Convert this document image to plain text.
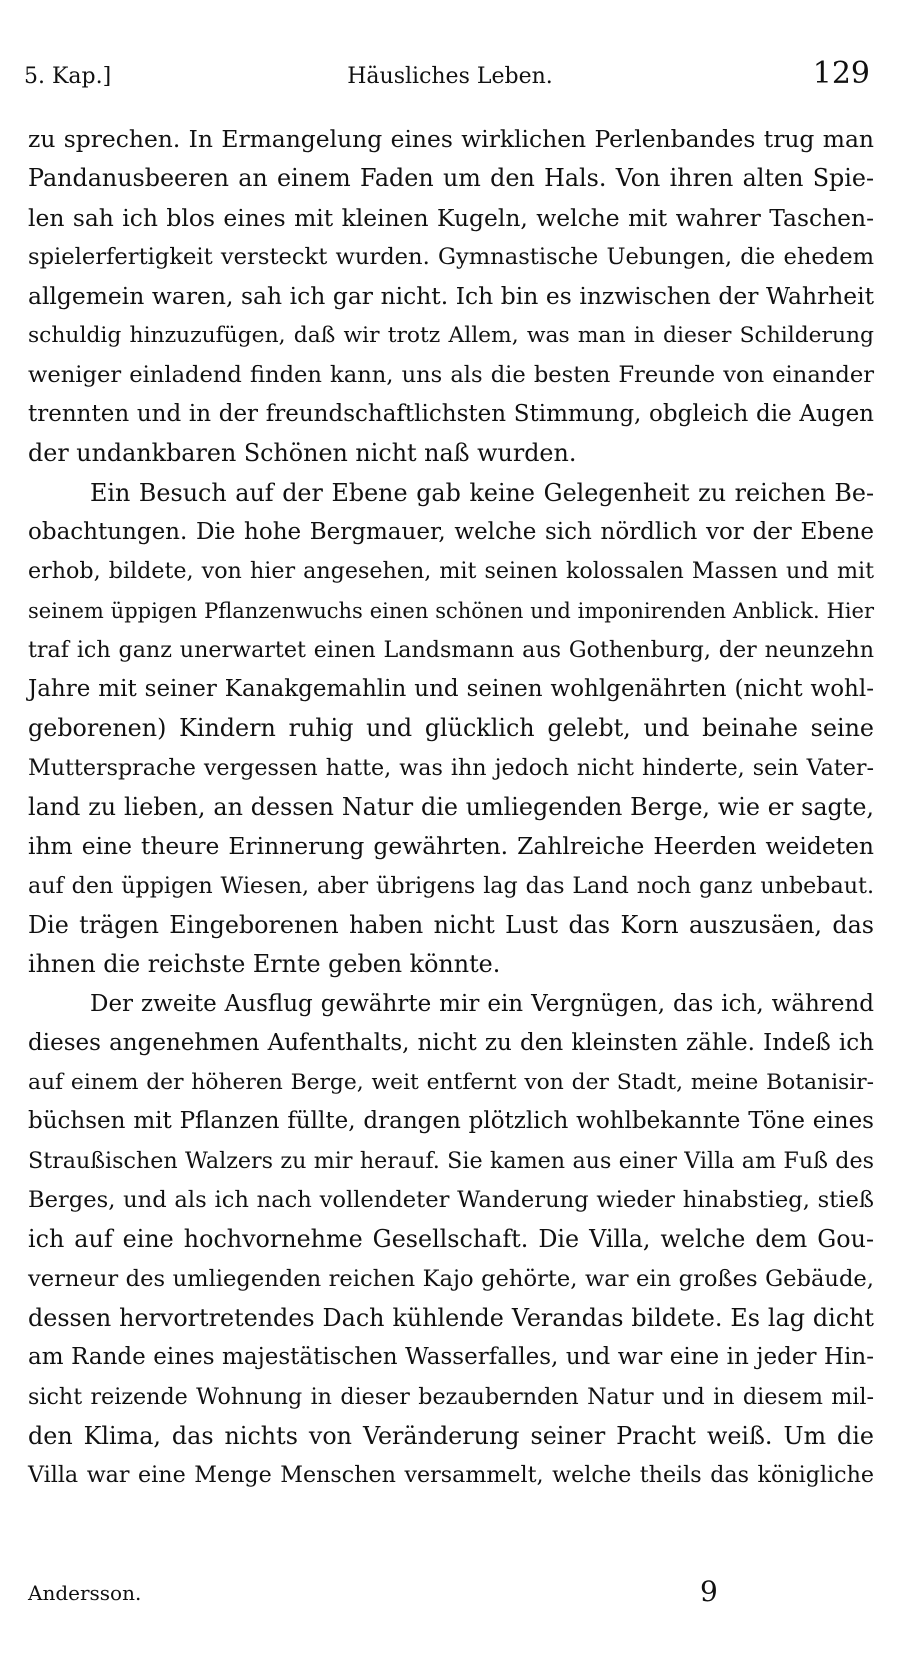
5. Kap.]	Häusliches Leben.	129
zu sprechen. In Ermangelung eines wirklichen Perlenbandes trug man
Pandanusbeeren an einem Faden um den Hals. Von ihren alten Spie-
len sah ich blos eines mit kleinen Kugeln, welche mit wahrer Taschen-
spielerfertigkeit versteckt wurden. Gymnastische Uebungen, die ehedem
allgemein waren, sah ich gar nicht. Ich bin es inzwischen der Wahrheit
schuldig hinzuzufügen, daß wir trotz Allem, was man in dieser Schilderung
weniger einladend finden kann, uns als die besten Freunde von einander
trennten und in der freundschaftlichsten Stimmung, obgleich die Augen
der undankbaren Schönen nicht naß wurden.
Ein Besuch auf der Ebene gab keine Gelegenheit zu reichen Be-
obachtungen. Die hohe Bergmauer, welche sich nördlich vor der Ebene
erhob, bildete, von hier angesehen, mit seinen kolossalen Massen und mit
seinem üppigen Pflanzenwuchs einen schönen und imponirenden Anblick. Hier
traf ich ganz unerwartet einen Landsmann aus Gothenburg, der neunzehn
Jahre mit seiner Kanakgemahlin und seinen wohlgenährten (nicht wohl-
geborenen) Kindern ruhig und glücklich gelebt, und beinahe seine
Muttersprache vergessen hatte, was ihn jedoch nicht hinderte, sein Vater-
land zu lieben, an dessen Natur die umliegenden Berge, wie er sagte,
ihm eine theure Erinnerung gewährten. Zahlreiche Heerden weideten
auf den üppigen Wiesen, aber übrigens lag das Land noch ganz unbebaut.
Die trägen Eingeborenen haben nicht Lust das Korn auszusäen, das
ihnen die reichste Ernte geben könnte.
Der zweite Ausflug gewährte mir ein Vergnügen, das ich, während
dieses angenehmen Aufenthalts, nicht zu den kleinsten zähle. Indeß ich
auf einem der höheren Berge, weit entfernt von der Stadt, meine Botanisir-
büchsen mit Pflanzen füllte, drangen plötzlich wohlbekannte Töne eines
Straußischen Walzers zu mir herauf. Sie kamen aus einer Villa am Fuß des
Berges, und als ich nach vollendeter Wanderung wieder hinabstieg, stieß
ich auf eine hochvornehme Gesellschaft. Die Villa, welche dem Gou-
verneur des umliegenden reichen Kajo gehörte, war ein großes Gebäude,
dessen hervortretendes Dach kühlende Verandas bildete. Es lag dicht
am Rande eines majestätischen Wasserfalles, und war eine in jeder Hin-
sicht reizende Wohnung in dieser bezaubernden Natur und in diesem mil-
den Klima, das nichts von Veränderung seiner Pracht weiß. Um die
Villa war eine Menge Menschen versammelt, welche theils das königliche
Andersson.	9
